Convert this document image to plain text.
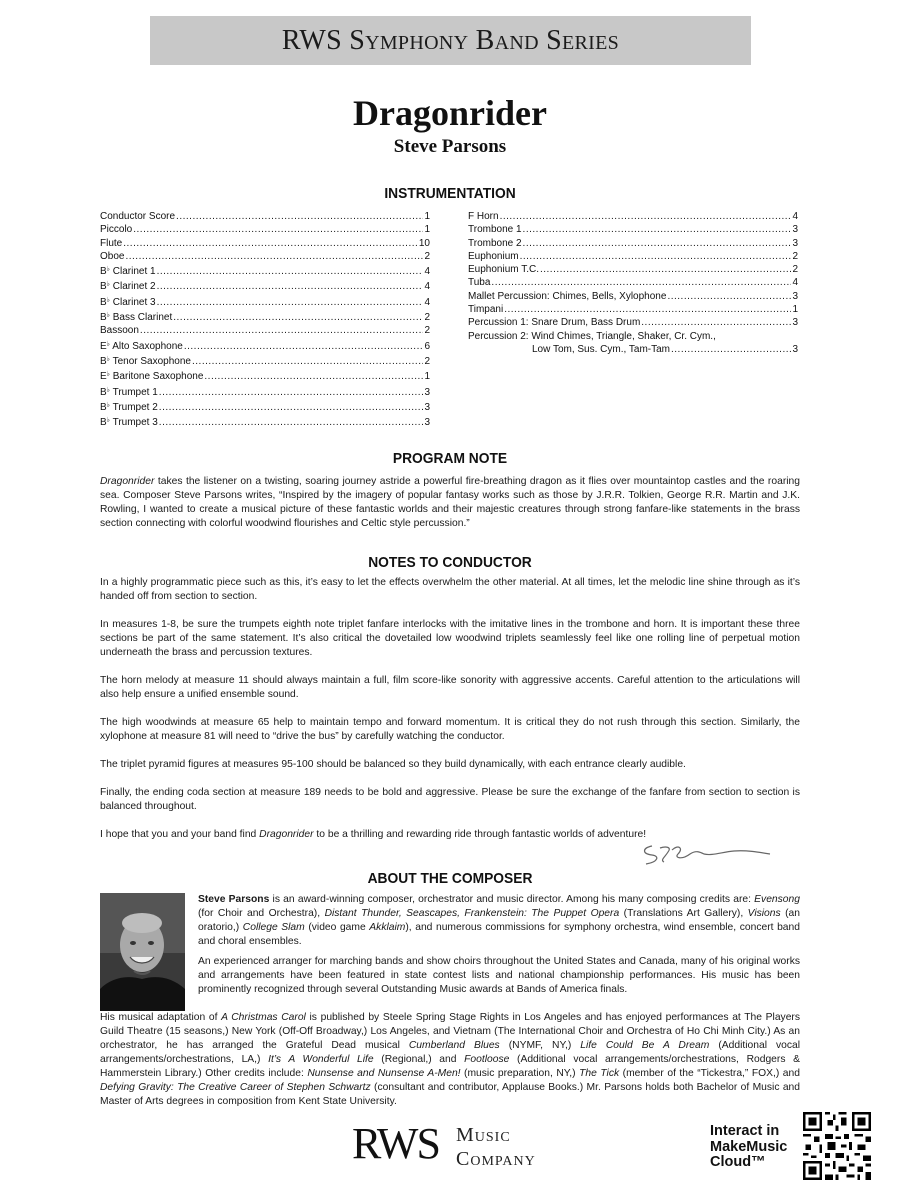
RWS Symphony Band Series
Dragonrider
Steve Parsons
INSTRUMENTATION
Conductor Score .....	1
Piccolo .....	1
Flute .....	10
Oboe .....	2
B♭ Clarinet 1 .....	4
B♭ Clarinet 2 .....	4
B♭ Clarinet 3 .....	4
B♭ Bass Clarinet .....	2
Bassoon .....	2
E♭ Alto Saxophone .....	6
B♭ Tenor Saxophone .....	2
E♭ Baritone Saxophone .....	1
B♭ Trumpet 1 .....	3
B♭ Trumpet 2 .....	3
B♭ Trumpet 3 .....	3
F Horn .....	4
Trombone 1 .....	3
Trombone 2 .....	3
Euphonium .....	2
Euphonium T.C. .....	2
Tuba .....	4
Mallet Percussion: Chimes, Bells, Xylophone .....	3
Timpani .....	1
Percussion 1: Snare Drum, Bass Drum .....	3
Percussion 2: Wind Chimes, Triangle, Shaker, Cr. Cym.,
Low Tom, Sus. Cym., Tam-Tam .....	3
PROGRAM NOTE

Dragonrider takes the listener on a twisting, soaring journey astride a powerful fire-breathing dragon as it flies over mountaintop castles and the roaring sea. Composer Steve Parsons writes, “Inspired by the imagery of popular fantasy works such as those by J.R.R. Tolkien, George R.R. Martin and J.K. Rowling, I wanted to create a musical picture of these fantastic worlds and their majestic creatures through strong fanfare-like statements in the brass section connecting with colorful woodwind flourishes and Celtic style percussion.”

NOTES TO CONDUCTOR

In a highly programmatic piece such as this, it’s easy to let the effects overwhelm the other material. At all times, let the melodic line shine through as it’s handed off from section to section.

In measures 1-8, be sure the trumpets eighth note triplet fanfare interlocks with the imitative lines in the trombone and horn. It is important these three sections be part of the same statement. It’s also critical the dovetailed low woodwind triplets seamlessly feel like one rolling line of perpetual motion underneath the brass and percussion textures.

The horn melody at measure 11 should always maintain a full, film score-like sonority with aggressive accents. Careful attention to the articulations will also help ensure a unified ensemble sound.

The high woodwinds at measure 65 help to maintain tempo and forward momentum. It is critical they do not rush through this section. Similarly, the xylophone at measure 81 will need to “drive the bus” by carefully watching the conductor.

The triplet pyramid figures at measures 95-100 should be balanced so they build dynamically, with each entrance clearly audible.

Finally, the ending coda section at measure 189 needs to be bold and aggressive. Please be sure the exchange of the fanfare from section to section is balanced throughout.

I hope that you and your band find Dragonrider to be a thrilling and rewarding ride through fantastic worlds of adventure!

ABOUT THE COMPOSER

Steve Parsons is an award-winning composer, orchestrator and music director. Among his many composing credits are: Evensong (for Choir and Orchestra), Distant Thunder, Seascapes, Frankenstein: The Puppet Opera (Translations Art Gallery), Visions (an oratorio,) College Slam (video game Akklaim), and numerous commissions for symphony orchestra, wind ensemble, concert band and choral ensembles.

An experienced arranger for marching bands and show choirs throughout the United States and Canada, many of his original works and arrangements have been featured in state contest lists and national championship performances. His music has been prominently recognized through several Outstanding Music awards at Bands of America finals.

His musical adaptation of A Christmas Carol is published by Steele Spring Stage Rights in Los Angeles and has enjoyed performances at The Players Guild Theatre (15 seasons,) New York (Off-Off Broadway,) Los Angeles, and Vietnam (The International Choir and Orchestra of Ho Chi Minh City.) As an orchestrator, he has arranged the Grateful Dead musical Cumberland Blues (NYMF, NY,) Life Could Be A Dream (Additional vocal arrangements/orchestrations, LA,) It’s A Wonderful Life (Regional,) and Footloose (Additional vocal arrangements/orchestrations, Rodgers & Hammerstein Library.) Other credits include: Nunsense and Nunsense A-Men! (music preparation, NY,) The Tick (member of the “Tickestra,” FOX,) and Defying Gravity: The Creative Career of Stephen Schwartz (consultant and contributor, Applause Books.) Mr. Parsons holds both Bachelor of Music and Master of Arts degrees in composition from Kent State University.

RWS Music
Company
Interact in
MakeMusic
Cloud™
